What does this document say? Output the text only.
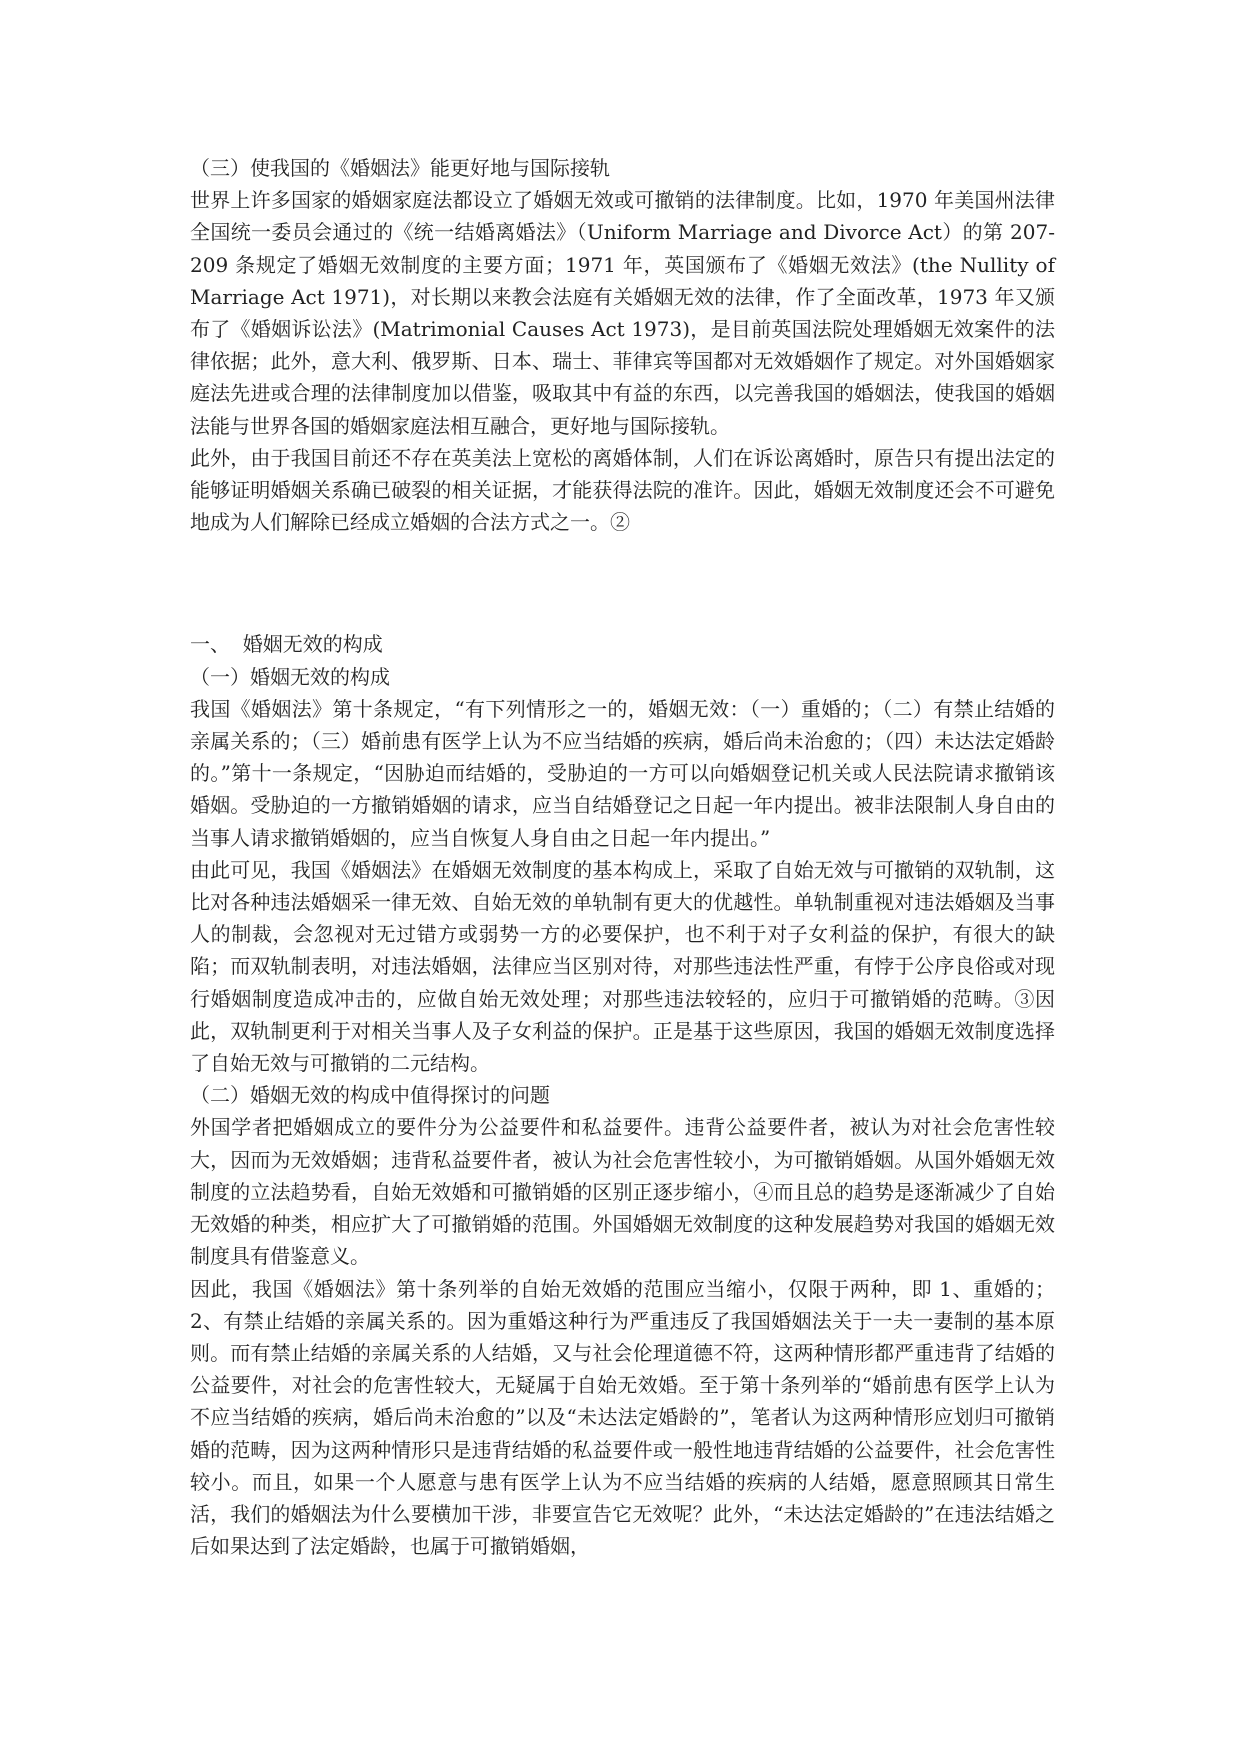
（三）使我国的《婚姻法》能更好地与国际接轨

世界上许多国家的婚姻家庭法都设立了婚姻无效或可撤销的法律制度。比如，1970 年美国州法律全国统一委员会通过的《统一结婚离婚法》（Uniform Marriage and Divorce Act）的第 207-209 条规定了婚姻无效制度的主要方面；1971 年，英国颁布了《婚姻无效法》(the Nullity of Marriage Act 1971)，对长期以来教会法庭有关婚姻无效的法律，作了全面改革，1973 年又颁布了《婚姻诉讼法》(Matrimonial Causes Act 1973)，是目前英国法院处理婚姻无效案件的法律依据；此外，意大利、俄罗斯、日本、瑞士、菲律宾等国都对无效婚姻作了规定。对外国婚姻家庭法先进或合理的法律制度加以借鉴，吸取其中有益的东西，以完善我国的婚姻法，使我国的婚姻法能与世界各国的婚姻家庭法相互融合，更好地与国际接轨。

此外，由于我国目前还不存在英美法上宽松的离婚体制，人们在诉讼离婚时，原告只有提出法定的能够证明婚姻关系确已破裂的相关证据，才能获得法院的准许。因此，婚姻无效制度还会不可避免地成为人们解除已经成立婚姻的合法方式之一。②

一、  婚姻无效的构成

（一）婚姻无效的构成

我国《婚姻法》第十条规定，“有下列情形之一的，婚姻无效：（一）重婚的；（二）有禁止结婚的亲属关系的；（三）婚前患有医学上认为不应当结婚的疾病，婚后尚未治愈的；（四）未达法定婚龄的。”第十一条规定，“因胁迫而结婚的，受胁迫的一方可以向婚姻登记机关或人民法院请求撤销该婚姻。受胁迫的一方撤销婚姻的请求，应当自结婚登记之日起一年内提出。被非法限制人身自由的当事人请求撤销婚姻的，应当自恢复人身自由之日起一年内提出。”

由此可见，我国《婚姻法》在婚姻无效制度的基本构成上，采取了自始无效与可撤销的双轨制，这比对各种违法婚姻采一律无效、自始无效的单轨制有更大的优越性。单轨制重视对违法婚姻及当事人的制裁，会忽视对无过错方或弱势一方的必要保护，也不利于对子女利益的保护，有很大的缺陷；而双轨制表明，对违法婚姻，法律应当区别对待，对那些违法性严重，有悖于公序良俗或对现行婚姻制度造成冲击的，应做自始无效处理；对那些违法较轻的，应归于可撤销婚的范畴。③因此，双轨制更利于对相关当事人及子女利益的保护。正是基于这些原因，我国的婚姻无效制度选择了自始无效与可撤销的二元结构。

（二）婚姻无效的构成中值得探讨的问题

外国学者把婚姻成立的要件分为公益要件和私益要件。违背公益要件者，被认为对社会危害性较大，因而为无效婚姻；违背私益要件者，被认为社会危害性较小，为可撤销婚姻。从国外婚姻无效制度的立法趋势看，自始无效婚和可撤销婚的区别正逐步缩小，④而且总的趋势是逐渐减少了自始无效婚的种类，相应扩大了可撤销婚的范围。外国婚姻无效制度的这种发展趋势对我国的婚姻无效制度具有借鉴意义。

因此，我国《婚姻法》第十条列举的自始无效婚的范围应当缩小，仅限于两种，即 1、重婚的；2、有禁止结婚的亲属关系的。因为重婚这种行为严重违反了我国婚姻法关于一夫一妻制的基本原则。而有禁止结婚的亲属关系的人结婚，又与社会伦理道德不符，这两种情形都严重违背了结婚的公益要件，对社会的危害性较大，无疑属于自始无效婚。至于第十条列举的“婚前患有医学上认为不应当结婚的疾病，婚后尚未治愈的”以及“未达法定婚龄的”，笔者认为这两种情形应划归可撤销婚的范畴，因为这两种情形只是违背结婚的私益要件或一般性地违背结婚的公益要件，社会危害性较小。而且，如果一个人愿意与患有医学上认为不应当结婚的疾病的人结婚，愿意照顾其日常生活，我们的婚姻法为什么要横加干涉，非要宣告它无效呢？此外，“未达法定婚龄的”在违法结婚之后如果达到了法定婚龄，也属于可撤销婚姻，
